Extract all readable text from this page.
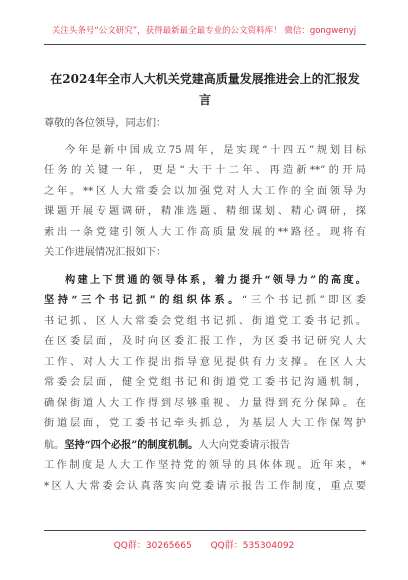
关注头条号“公文研究”，获得最新最全最专业的公文资料库！ 微信：gongwenyj
在2024年全市人大机关党建高质量发展推进会上的汇报发
言
尊敬的各位领导，同志们：
今年是新中国成立75周年，是实现“十四五”规划目标
任务的关键一年，更是“大干十二年、再造新**”的开局
之年。**区人大常委会以加强党对人大工作的全面领导为
课题开展专题调研，精准选题、精细谋划、精心调研，探
索出一条党建引领人大工作高质量发展的**路径。现将有
关工作进展情况汇报如下：
构建上下贯通的领导体系，着力提升“领导力”的高度。
坚持“三个书记抓”的组织体系。“三个书记抓”即区委
书记抓、区人大常委会党组书记抓、街道党工委书记抓。
在区委层面，及时向区委汇报工作，为区委书记研究人大
工作、对人大工作提出指导意见提供有力支撑。在区人大
常委会层面，健全党组书记和街道党工委书记沟通机制，
确保街道人大工作得到尽够重视、力量得到充分保障。在
街道层面，党工委书记牵头抓总，为基层人大工作保驾护
航。坚持“四个必报”的制度机制。人大向党委请示报告
工作制度是人大工作坚持党的领导的具体体现。近年来，*
*区人大常委会认真落实向党委请示报告工作制度，重点要
QQ群：30265665 QQ群：535304092
